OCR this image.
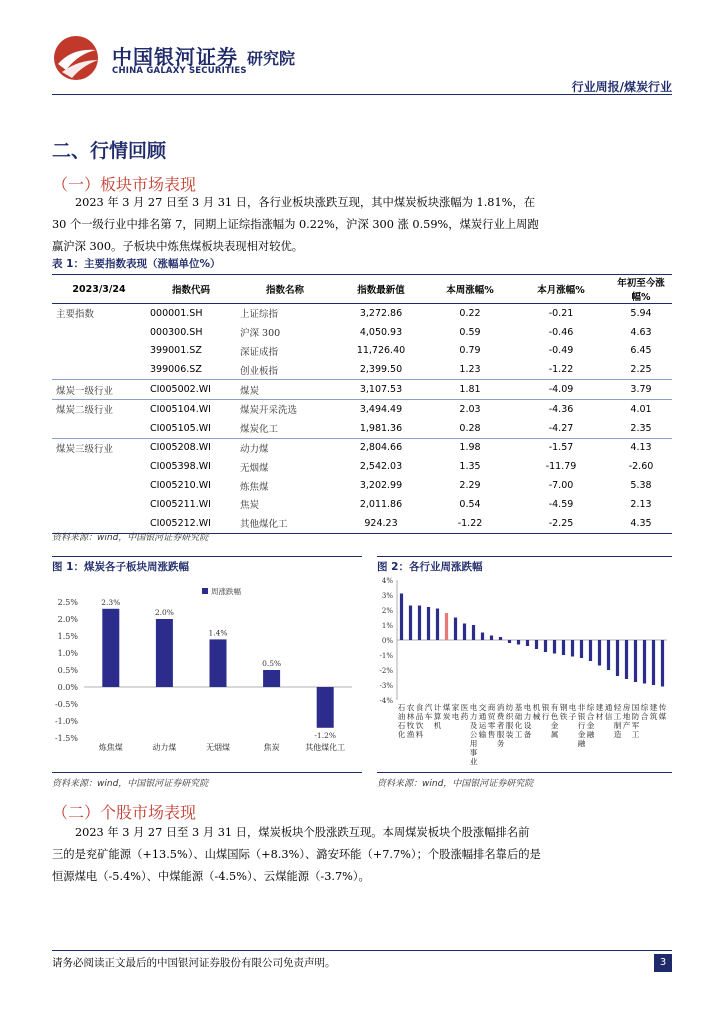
中国银河证券
CHINA GALAXY SECURITIES
研究院
行业周报/煤炭行业
二、行情回顾
（一）板块市场表现

2023 年 3 月 27 日至 3 月 31 日，各行业板块涨跌互现，其中煤炭板块涨幅为 1.81%，在

30 个一级行业中排名第 7，同期上证综指涨幅为 0.22%，沪深 300 涨 0.59%，煤炭行业上周跑

赢沪深 300。子板块中炼焦煤板块表现相对较优。

表 1：主要指数表现（涨幅单位%）
2023/3/24	指数代码	指数名称	指数最新值	本周涨幅%	本月涨幅%	年初至今涨幅%
主要指数	000001.SH	上证综指	3,272.86	0.22	-0.21	5.94
	000300.SH	沪深 300	4,050.93	0.59	-0.46	4.63
	399001.SZ	深证成指	11,726.40	0.79	-0.49	6.45
	399006.SZ	创业板指	2,399.50	1.23	-1.22	2.25
煤炭一级行业	CI005002.WI	煤炭	3,107.53	1.81	-4.09	3.79
煤炭二级行业	CI005104.WI	煤炭开采洗选	3,494.49	2.03	-4.36	4.01
	CI005105.WI	煤炭化工	1,981.36	0.28	-4.27	2.35
煤炭三级行业	CI005208.WI	动力煤	2,804.66	1.98	-1.57	4.13
	CI005398.WI	无烟煤	2,542.03	1.35	-11.79	-2.60
	CI005210.WI	炼焦煤	3,202.99	2.29	-7.00	5.38
	CI005211.WI	焦炭	2,011.86	0.54	-4.59	2.13
	CI005212.WI	其他煤化工	924.23	-1.22	-2.25	4.35
资料来源：wind，中国银河证券研究院
图 1：煤炭各子板块周涨跌幅	图 2：各行业周涨跌幅
2.5%
2.0%
1.5%
1.0%
0.5%
0.0%
-0.5%
-1.0%
-1.5%
周涨跌幅
2.3%
炼焦煤
2.0%
动力煤
1.4%
无烟煤
0.5%
焦炭
-1.2%
其他煤化工
4%
3%
2%
1%
0%
-1%
-2%
-3%
-4%
石油石化
农林牧渔
食品饮料
汽车
计算机
煤炭
家电
医药
电力及公用事业
交通运输
商贸零售
消费者服务
纺织服装
基础化工
电力设备
机械
银行
有色金属
钢铁
电子
非银行金融
综合金融
建材
通信
轻工制造
房地产
国防军工
综合
建筑
传媒
资料来源：wind，中国银河证券研究院	资料来源：wind，中国银河证券研究院
（二）个股市场表现

2023 年 3 月 27 日至 3 月 31 日，煤炭板块个股涨跌互现。本周煤炭板块个股涨幅排名前

三的是兖矿能源（+13.5%）、山煤国际（+8.3%）、潞安环能（+7.7%）；个股涨幅排名靠后的是

恒源煤电（-5.4%）、中煤能源（-4.5%）、云煤能源（-3.7%）。

请务必阅读正文最后的中国银河证券股份有限公司免责声明。	3
